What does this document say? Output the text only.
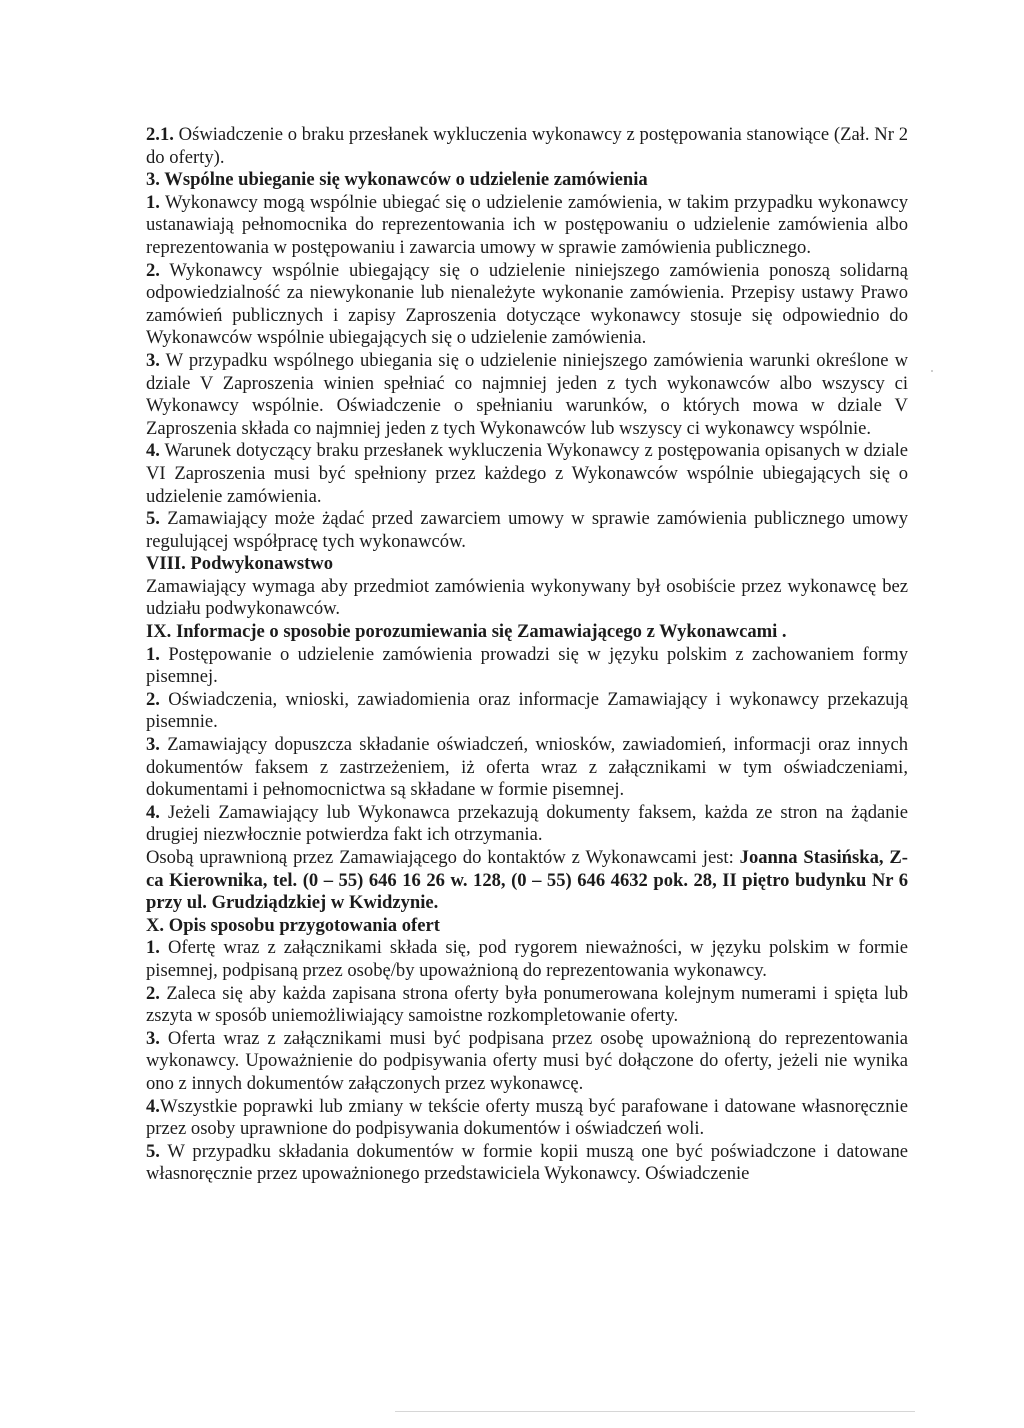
2.1. Oświadczenie o braku przesłanek wykluczenia wykonawcy z postępowania stanowiące (Zał. Nr 2 do oferty).

3. Wspólne ubieganie się wykonawców o udzielenie zamówienia

1. Wykonawcy mogą wspólnie ubiegać się o udzielenie zamówienia, w takim przypadku wykonawcy ustanawiają pełnomocnika do reprezentowania ich w postępowaniu o udzielenie zamówienia albo reprezentowania w postępowaniu i zawarcia umowy w sprawie zamówienia publicznego.

2. Wykonawcy wspólnie ubiegający się o udzielenie niniejszego zamówienia ponoszą solidarną odpowiedzialność za niewykonanie lub nienależyte wykonanie zamówienia. Przepisy ustawy Prawo zamówień publicznych i zapisy Zaproszenia dotyczące wykonawcy stosuje się odpowiednio do Wykonawców wspólnie ubiegających się o udzielenie zamówienia.

3. W przypadku wspólnego ubiegania się o udzielenie niniejszego zamówienia warunki określone w dziale V Zaproszenia winien spełniać co najmniej jeden z tych wykonawców albo wszyscy ci Wykonawcy wspólnie. Oświadczenie o spełnianiu warunków, o których mowa w dziale V Zaproszenia składa co najmniej jeden z tych Wykonawców lub wszyscy ci wykonawcy wspólnie.

4. Warunek dotyczący braku przesłanek wykluczenia Wykonawcy z postępowania opisanych w dziale VI Zaproszenia musi być spełniony przez każdego z Wykonawców wspólnie ubiegających się o udzielenie zamówienia.

5. Zamawiający może żądać przed zawarciem umowy w sprawie zamówienia publicznego umowy regulującej współpracę tych wykonawców.

VIII. Podwykonawstwo

Zamawiający wymaga aby przedmiot zamówienia wykonywany był osobiście przez wykonawcę bez udziału podwykonawców.

IX. Informacje o sposobie porozumiewania się Zamawiającego z Wykonawcami .

1. Postępowanie o udzielenie zamówienia prowadzi się w języku polskim z zachowaniem formy pisemnej.

2. Oświadczenia, wnioski, zawiadomienia oraz informacje Zamawiający i wykonawcy przekazują pisemnie.

3. Zamawiający dopuszcza składanie oświadczeń, wniosków, zawiadomień, informacji oraz innych dokumentów faksem z zastrzeżeniem, iż oferta wraz z załącznikami w tym oświadczeniami, dokumentami i pełnomocnictwa są składane w formie pisemnej.

4. Jeżeli Zamawiający lub Wykonawca przekazują dokumenty faksem, każda ze stron na żądanie drugiej niezwłocznie potwierdza fakt ich otrzymania.

Osobą uprawnioną przez Zamawiającego do kontaktów z Wykonawcami jest: Joanna Stasińska, Z-ca Kierownika, tel. (0 – 55) 646 16 26 w. 128, (0 – 55) 646 4632 pok. 28, II piętro budynku Nr 6 przy ul. Grudziądzkiej w Kwidzynie.

X. Opis sposobu przygotowania ofert

1. Ofertę wraz z załącznikami składa się, pod rygorem nieważności, w języku polskim w formie pisemnej, podpisaną przez osobę/by upoważnioną do reprezentowania wykonawcy.

2. Zaleca się aby każda zapisana strona oferty była ponumerowana kolejnym numerami i spięta lub zszyta w sposób uniemożliwiający samoistne rozkompletowanie oferty.

3. Oferta wraz z załącznikami musi być podpisana przez osobę upoważnioną do reprezentowania wykonawcy. Upoważnienie do podpisywania oferty musi być dołączone do oferty, jeżeli nie wynika ono z innych dokumentów załączonych przez wykonawcę.

4.Wszystkie poprawki lub zmiany w tekście oferty muszą być parafowane i datowane własnoręcznie przez osoby uprawnione do podpisywania dokumentów i oświadczeń woli.

5. W przypadku składania dokumentów w formie kopii muszą one być poświadczone i datowane własnoręcznie przez upoważnionego przedstawiciela Wykonawcy. Oświadczenie
